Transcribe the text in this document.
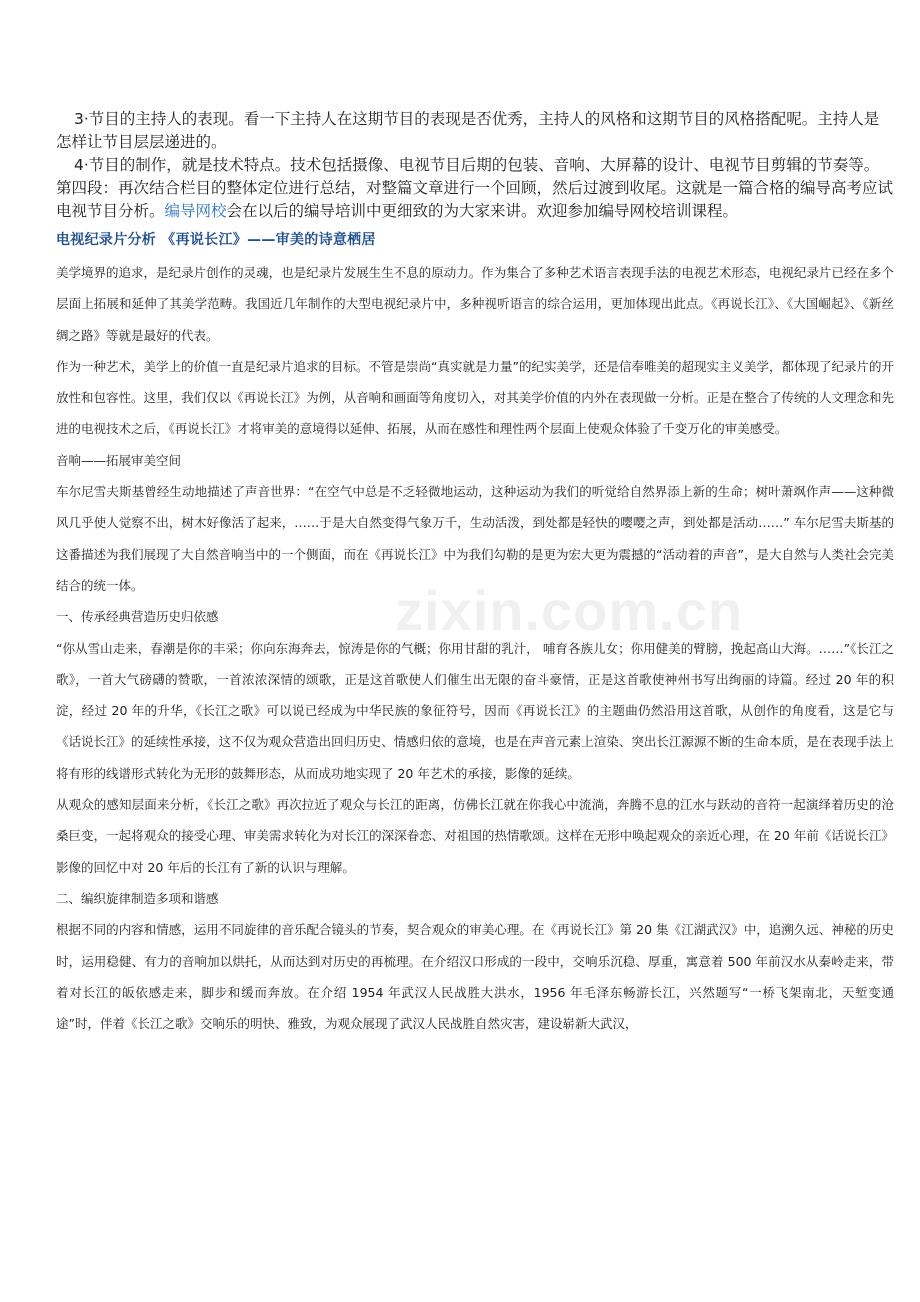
zixin.com.cn

3·节目的主持人的表现。看一下主持人在这期节目的表现是否优秀，主持人的风格和这期节目的风格搭配呢。主持人是怎样让节目层层递进的。

4·节目的制作，就是技术特点。技术包括摄像、电视节目后期的包装、音响、大屏幕的设计、电视节目剪辑的节奏等。

第四段：再次结合栏目的整体定位进行总结，对整篇文章进行一个回顾，然后过渡到收尾。这就是一篇合格的编导高考应试电视节目分析。编导网校会在以后的编导培训中更细致的为大家来讲。欢迎参加编导网校培训课程。

电视纪录片分析 《再说长江》——审美的诗意栖居

美学境界的追求，是纪录片创作的灵魂，也是纪录片发展生生不息的原动力。作为集合了多种艺术语言表现手法的电视艺术形态，电视纪录片已经在多个层面上拓展和延伸了其美学范畴。我国近几年制作的大型电视纪录片中，多种视听语言的综合运用，更加体现出此点。《再说长江》、《大国崛起》、《新丝绸之路》等就是最好的代表。

作为一种艺术，美学上的价值一直是纪录片追求的目标。不管是崇尚“真实就是力量”的纪实美学，还是信奉唯美的超现实主义美学，都体现了纪录片的开放性和包容性。这里，我们仅以《再说长江》为例，从音响和画面等角度切入，对其美学价值的内外在表现做一分析。正是在整合了传统的人文理念和先进的电视技术之后，《再说长江》才将审美的意境得以延伸、拓展，从而在感性和理性两个层面上使观众体验了千变万化的审美感受。

音响——拓展审美空间

车尔尼雪夫斯基曾经生动地描述了声音世界：“在空气中总是不乏轻微地运动，这种运动为我们的听觉给自然界添上新的生命；树叶萧飒作声——这种微风几乎使人觉察不出，树木好像活了起来，……于是大自然变得气象万千，生动活泼，到处都是轻快的嘤嘤之声，到处都是活动……” 车尔尼雪夫斯基的这番描述为我们展现了大自然音响当中的一个侧面，而在《再说长江》中为我们勾勒的是更为宏大更为震撼的“活动着的声音”，是大自然与人类社会完美结合的统一体。

一、传承经典营造历史归依感

“你从雪山走来，春潮是你的丰采；你向东海奔去，惊涛是你的气概；你用甘甜的乳汁， 哺育各族儿女；你用健美的臂膀，挽起高山大海。……”《长江之歌》，一首大气磅礴的赞歌，一首浓浓深情的颂歌，正是这首歌使人们催生出无限的奋斗豪情，正是这首歌使神州书写出绚丽的诗篇。经过 20 年的积淀，经过 20 年的升华，《长江之歌》可以说已经成为中华民族的象征符号，因而《再说长江》的主题曲仍然沿用这首歌，从创作的角度看，这是它与《话说长江》的延续性承接，这不仅为观众营造出回归历史、情感归依的意境，也是在声音元素上渲染、突出长江源源不断的生命本质，是在表现手法上将有形的线谱形式转化为无形的鼓舞形态，从而成功地实现了 20 年艺术的承接，影像的延续。

从观众的感知层面来分析，《长江之歌》再次拉近了观众与长江的距离，仿佛长江就在你我心中流淌，奔腾不息的江水与跃动的音符一起演绎着历史的沧桑巨变，一起将观众的接受心理、审美需求转化为对长江的深深眷恋、对祖国的热情歌颂。这样在无形中唤起观众的亲近心理，在 20 年前《话说长江》影像的回忆中对 20 年后的长江有了新的认识与理解。

二、编织旋律制造多项和谐感

根据不同的内容和情感，运用不同旋律的音乐配合镜头的节奏，契合观众的审美心理。在《再说长江》第 20 集《江湖武汉》中，追溯久远、神秘的历史时，运用稳健、有力的音响加以烘托，从而达到对历史的再梳理。在介绍汉口形成的一段中，交响乐沉稳、厚重，寓意着 500 年前汉水从秦岭走来，带着对长江的皈依感走来，脚步和缓而奔放。在介绍 1954 年武汉人民战胜大洪水，1956 年毛泽东畅游长江，兴然题写“一桥飞架南北，天堑变通途”时，伴着《长江之歌》交响乐的明快、雅致，为观众展现了武汉人民战胜自然灾害，建设崭新大武汉，
